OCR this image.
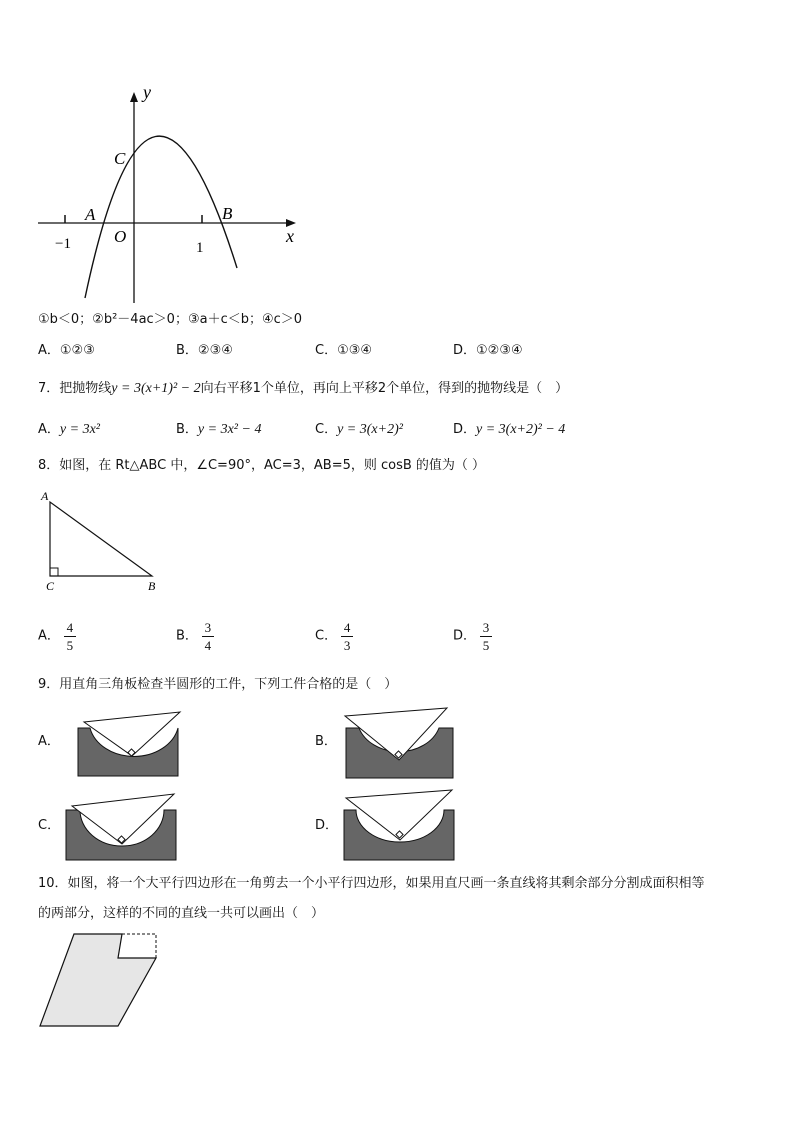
y
x
C
A	B
O
−1	1
①b＜0；②b²－4ac＞0；③a＋c＜b；④c＞0
A．①②③	B．②③④	C．①③④	D．①②③④
7．把抛物线y = 3(x+1)² − 2向右平移1个单位，再向上平移2个单位，得到的抛物线是（　）
A．y = 3x²	B．y = 3x² − 4	C．y = 3(x+2)²	D．y = 3(x+2)² − 4
8．如图，在 Rt△ABC 中，∠C=90°，AC=3，AB=5，则 cosB 的值为（ ）
A
C	B
A． $\frac{4}{5}$	B． $\frac{3}{4}$	C． $\frac{4}{3}$	D． $\frac{3}{5}$
9．用直角三角板检查半圆形的工件，下列工件合格的是（　）
A．	B．
C．	D．
10．如图，将一个大平行四边形在一角剪去一个小平行四边形，如果用直尺画一条直线将其剩余部分分割成面积相等
的两部分，这样的不同的直线一共可以画出（　）
